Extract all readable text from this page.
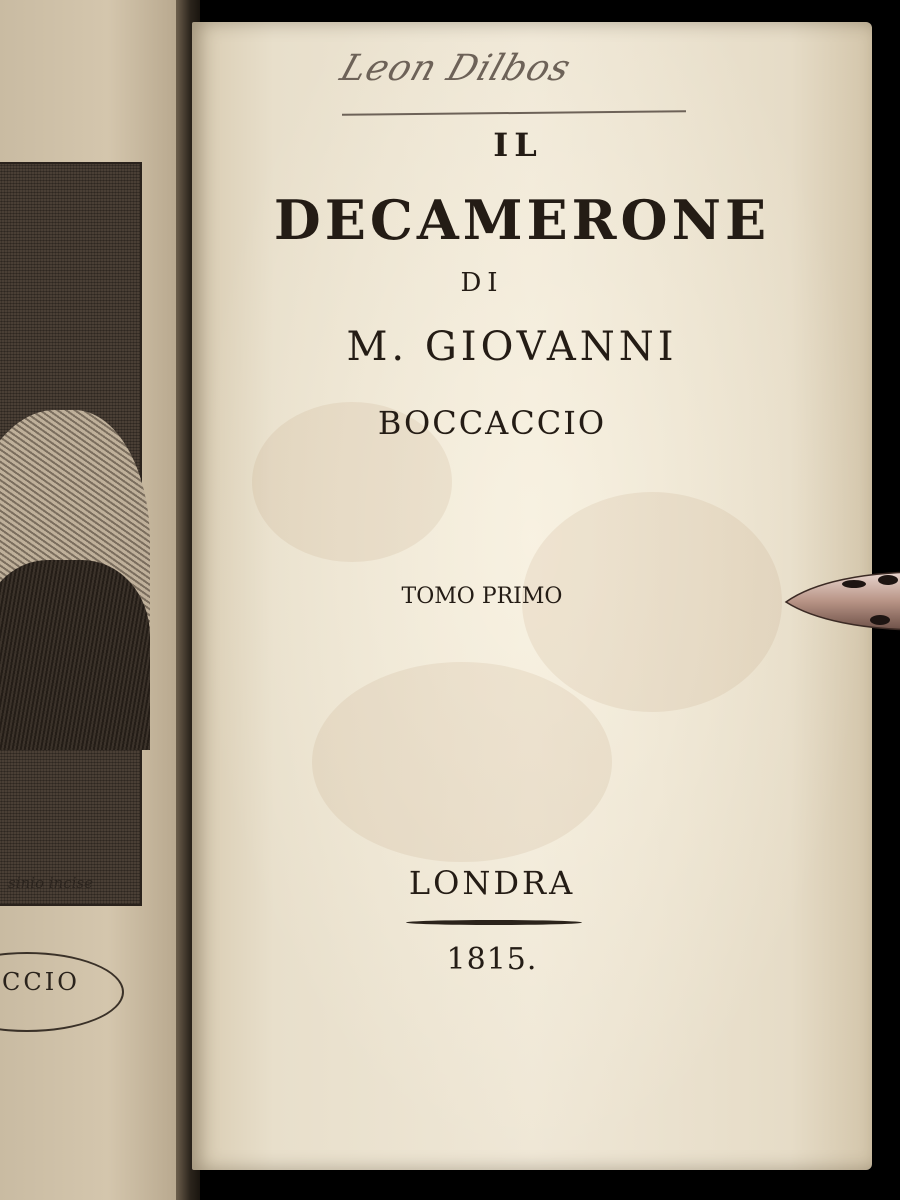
sinio incise
CCIO
Leon Dilbos
IL
DECAMERONE
DI
M. GIOVANNI
BOCCACCIO
TOMO PRIMO
LONDRA
1815.
